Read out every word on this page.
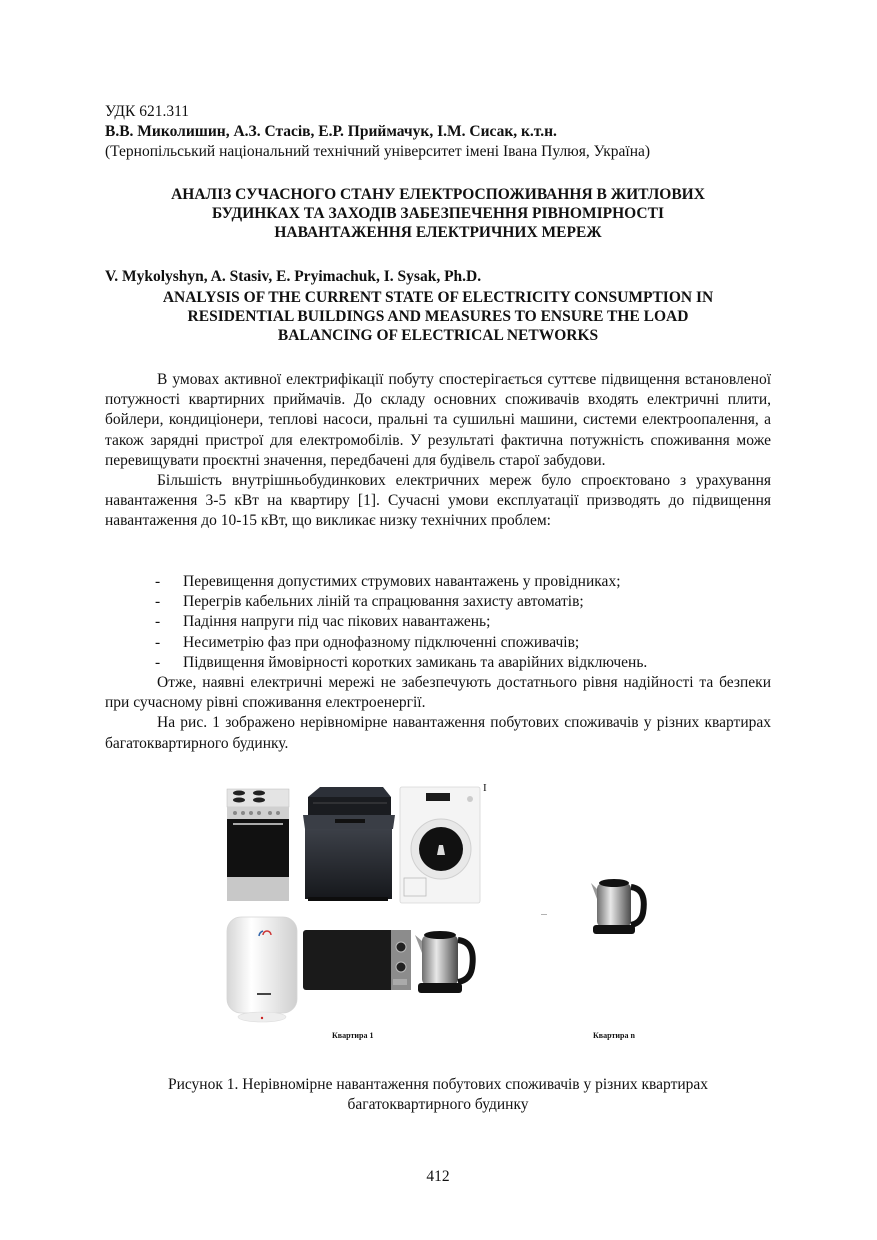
УДК 621.311
В.В. Миколишин, А.З. Стасів, Е.Р. Приймачук, І.М. Сисак, к.т.н.
(Тернопільський національний технічний університет імені Івана Пулюя, Україна)
АНАЛІЗ СУЧАСНОГО СТАНУ ЕЛЕКТРОСПОЖИВАННЯ В ЖИТЛОВИХ
БУДИНКАХ ТА ЗАХОДІВ ЗАБЕЗПЕЧЕННЯ РІВНОМІРНОСТІ
НАВАНТАЖЕННЯ ЕЛЕКТРИЧНИХ МЕРЕЖ
V. Mykolyshyn, A. Stasiv, E. Pryimachuk, I. Sysak, Ph.D.
ANALYSIS OF THE CURRENT STATE OF ELECTRICITY CONSUMPTION IN
RESIDENTIAL BUILDINGS AND MEASURES TO ENSURE THE LOAD
BALANCING OF ELECTRICAL NETWORKS

В умовах активної електрифікації побуту спостерігається суттєве підвищення встановленої потужності квартирних приймачів. До складу основних споживачів входять електричні плити, бойлери, кондиціонери, теплові насоси, пральні та сушильні машини, системи електроопалення, а також зарядні пристрої для електромобілів. У результаті фактична потужність споживання може перевищувати проєктні значення, передбачені для будівель старої забудови.

Більшість внутрішньобудинкових електричних мереж було спроєктовано з урахування навантаження 3-5 кВт на квартиру [1]. Сучасні умови експлуатації призводять до підвищення навантаження до 10-15 кВт, що викликає низку технічних проблем:

- Перевищення допустимих струмових навантажень у провідниках;
- Перегрів кабельних ліній та спрацювання захисту автоматів;
- Падіння напруги під час пікових навантажень;
- Несиметрію фаз при однофазному підключенні споживачів;
- Підвищення ймовірності коротких замикань та аварійних відключень.

Отже, наявні електричні мережі не забезпечують достатнього рівня надійності та безпеки при сучасному рівні споживання електроенергії.

На рис. 1 зображено нерівномірне навантаження побутових споживачів у різних квартирах багатоквартирного будинку.

I
...
Квартира 1	Квартира n
Рисунок 1. Нерівномірне навантаження побутових споживачів у різних квартирах
багатоквартирного будинку
412
